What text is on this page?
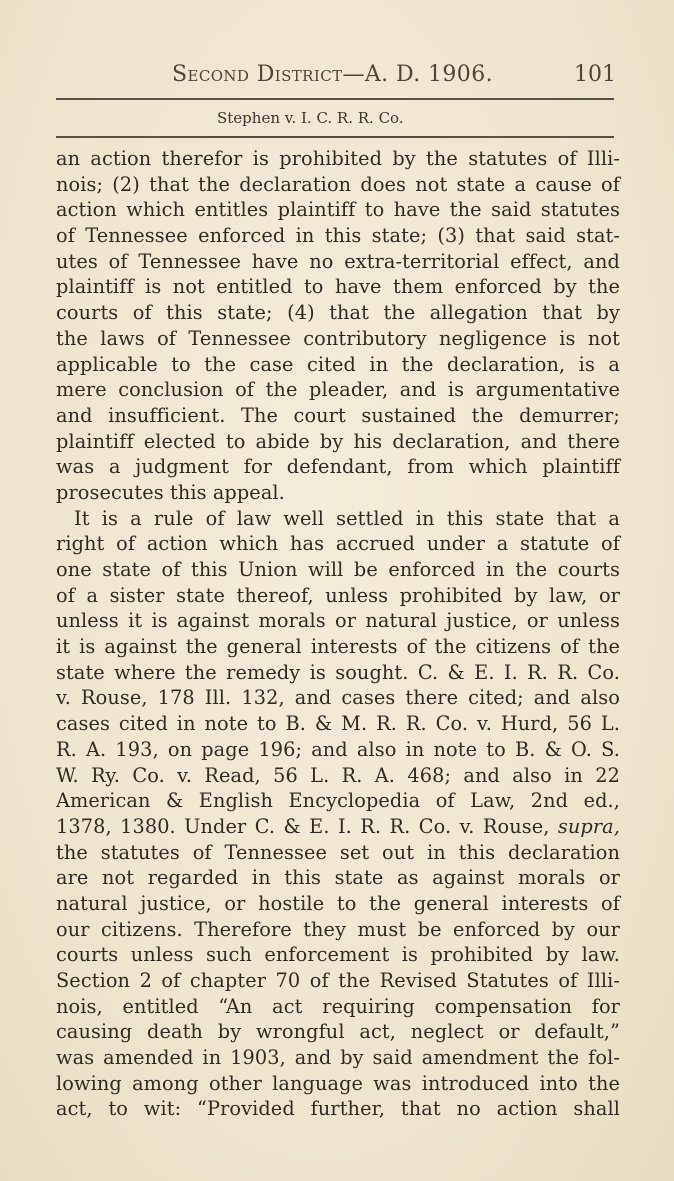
Second District—A. D. 1906.	101
Stephen v. I. C. R. R. Co.
an action therefor is prohibited by the statutes of Illi-
nois; (2) that the declaration does not state a cause of
action which entitles plaintiff to have the said statutes
of Tennessee enforced in this state; (3) that said stat-
utes of Tennessee have no extra-territorial effect, and
plaintiff is not entitled to have them enforced by the
courts of this state; (4) that the allegation that by
the laws of Tennessee contributory negligence is not
applicable to the case cited in the declaration, is a
mere conclusion of the pleader, and is argumentative
and insufficient. The court sustained the demurrer;
plaintiff elected to abide by his declaration, and there
was a judgment for defendant, from which plaintiff
prosecutes this appeal.
It is a rule of law well settled in this state that a
right of action which has accrued under a statute of
one state of this Union will be enforced in the courts
of a sister state thereof, unless prohibited by law, or
unless it is against morals or natural justice, or unless
it is against the general interests of the citizens of the
state where the remedy is sought. C. & E. I. R. R. Co.
v. Rouse, 178 Ill. 132, and cases there cited; and also
cases cited in note to B. & M. R. R. Co. v. Hurd, 56 L.
R. A. 193, on page 196; and also in note to B. & O. S.
W. Ry. Co. v. Read, 56 L. R. A. 468; and also in 22
American & English Encyclopedia of Law, 2nd ed.,
1378, 1380. Under C. & E. I. R. R. Co. v. Rouse, supra,
the statutes of Tennessee set out in this declaration
are not regarded in this state as against morals or
natural justice, or hostile to the general interests of
our citizens. Therefore they must be enforced by our
courts unless such enforcement is prohibited by law.
Section 2 of chapter 70 of the Revised Statutes of Illi-
nois, entitled “An act requiring compensation for
causing death by wrongful act, neglect or default,”
was amended in 1903, and by said amendment the fol-
lowing among other language was introduced into the
act, to wit: “Provided further, that no action shall
